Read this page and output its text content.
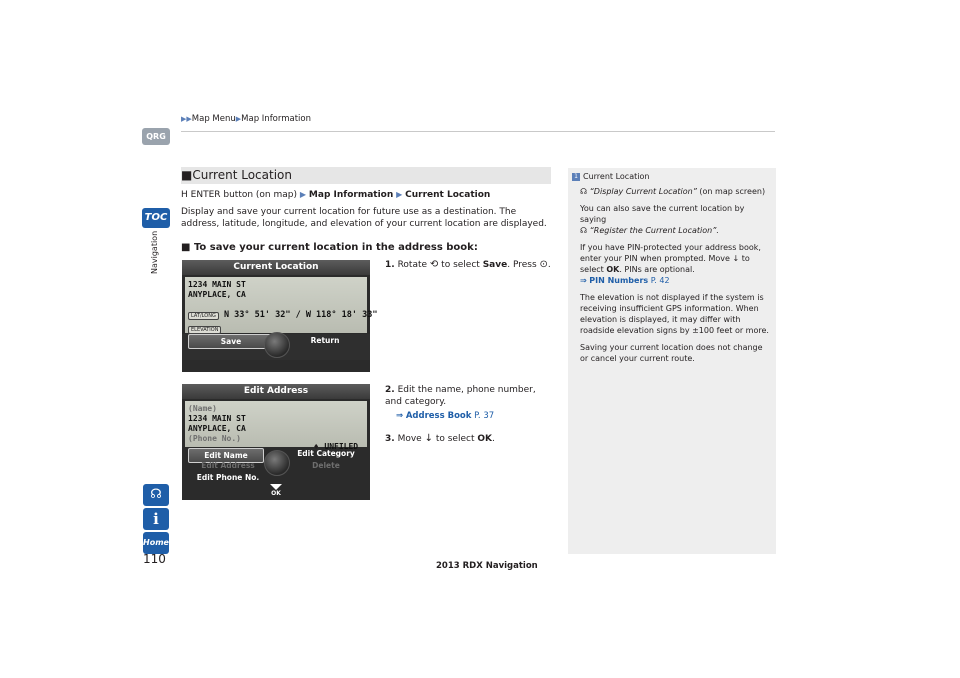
▶▶Map Menu▶Map Information
QRG
TOC
Navigation
☊
i
Home
110	2013 RDX Navigation
■Current Location
H ENTER button (on map) ▶ Map Information ▶ Current Location
Display and save your current location for future use as a destination. The address, latitude, longitude, and elevation of your current location are displayed.
■ To save your current location in the address book:
1. Rotate ⟲ to select Save. Press ⊙.
2. Edit the name, phone number, and category.
⇒ Address Book P. 37
3. Move ↓ to select OK.
Current Location
1234 MAIN ST
ANYPLACE, CA
LAT/LONG N 33° 51' 32" / W 118° 18' 33"
ELEVATION
Save	Return
Edit Address
(Name)
1234 MAIN ST
ANYPLACE, CA
(Phone No.)
♦ UNFILED
Edit Name	Edit Category
Edit Address	Delete
Edit Phone No.
OK
1 Current Location

☊ “Display Current Location” (on map screen)

You can also save the current location by saying
☊ “Register the Current Location”.

If you have PIN-protected your address book, enter your PIN when prompted. Move ↓ to select OK. PINs are optional.
⇒ PIN Numbers P. 42

The elevation is not displayed if the system is receiving insufficient GPS information. When elevation is displayed, it may differ with roadside elevation signs by ±100 feet or more.

Saving your current location does not change or cancel your current route.
